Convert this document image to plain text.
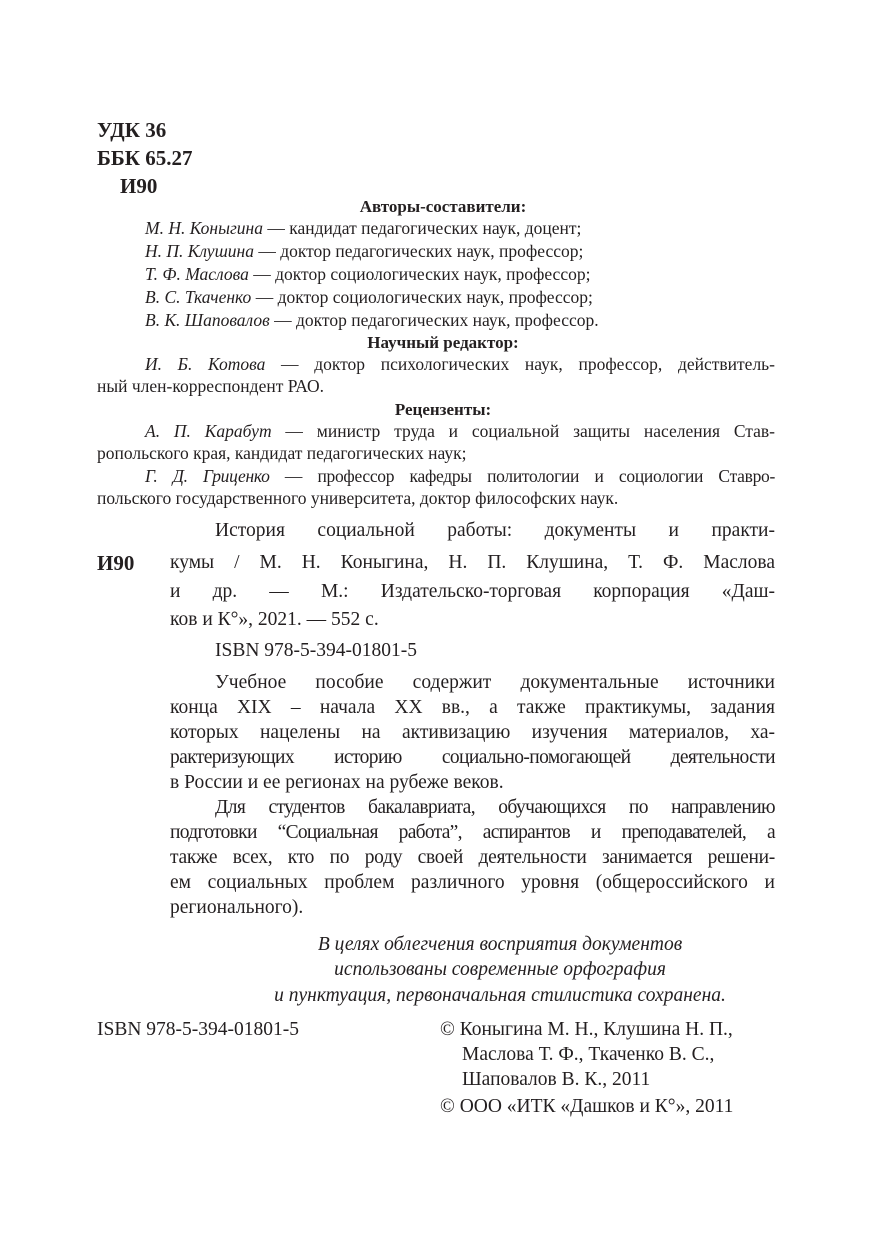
УДК 36
ББК 65.27
И90
Авторы-составители:
М. Н. Коныгина — кандидат педагогических наук, доцент;
Н. П. Клушина — доктор педагогических наук, профессор;
Т. Ф. Маслова — доктор социологических наук, профессор;
В. С. Ткаченко — доктор социологических наук, профессор;
В. К. Шаповалов — доктор педагогических наук, профессор.
Научный редактор:
И. Б. Котова — доктор психологических наук, профессор, действитель-
ный член-корреспондент РАО.
Рецензенты:
А. П. Карабут — министр труда и социальной защиты населения Став-
ропольского края, кандидат педагогических наук;
Г. Д. Гриценко — профессор кафедры политологии и социологии Ставро-
польского государственного университета, доктор философских наук.
И90
История социальной работы: документы и практи-
кумы / М. Н. Коныгина, Н. П. Клушина, Т. Ф. Маслова
и др. — М.: Издательско-торговая корпорация «Даш-
ков и К°», 2021. — 552 с.
ISBN 978-5-394-01801-5
Учебное пособие содержит документальные источники
конца XIX – начала XX вв., а также практикумы, задания
которых нацелены на активизацию изучения материалов, ха-
рактеризующих историю социально-помогающей деятельности
в России и ее регионах на рубеже веков.
Для студентов бакалавриата, обучающихся по направлению
подготовки “Социальная работа”, аспирантов и преподавателей, а
также всех, кто по роду своей деятельности занимается решени-
ем социальных проблем различного уровня (общероссийского и
регионального).
В целях облегчения восприятия документов
использованы современные орфография
и пунктуация, первоначальная стилистика сохранена.
ISBN 978-5-394-01801-5	© Коныгина М. Н., Клушина Н. П.,
Маслова Т. Ф., Ткаченко В. С.,
Шаповалов В. К., 2011
© ООО «ИТК «Дашков и К°», 2011
